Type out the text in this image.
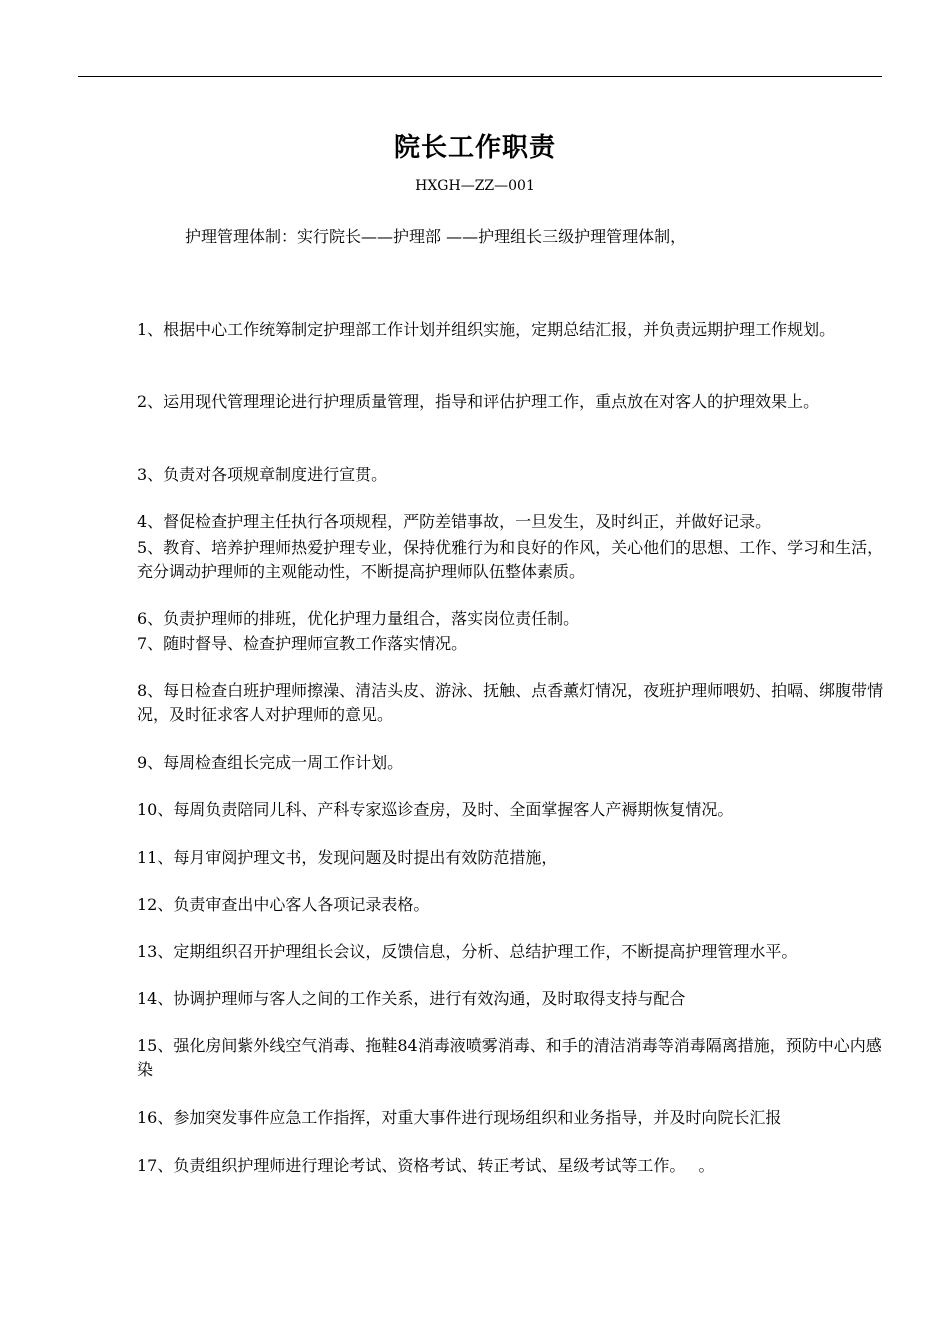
院长工作职责
HXGH—ZZ—001
护理管理体制：实行院长——护理部 ——护理组长三级护理管理体制，
1、根据中心工作统筹制定护理部工作计划并组织实施，定期总结汇报，并负责远期护理工作规划。
2、运用现代管理理论进行护理质量管理，指导和评估护理工作，重点放在对客人的护理效果上。
3、负责对各项规章制度进行宣贯。
4、督促检查护理主任执行各项规程，严防差错事故，一旦发生，及时纠正，并做好记录。
5、教育、培养护理师热爱护理专业，保持优雅行为和良好的作风，关心他们的思想、工作、学习和生活，充分调动护理师的主观能动性，不断提高护理师队伍整体素质。
6、负责护理师的排班，优化护理力量组合，落实岗位责任制。
7、随时督导、检查护理师宣教工作落实情况。
8、每日检查白班护理师擦澡、清洁头皮、游泳、抚触、点香薰灯情况，夜班护理师喂奶、拍嗝、绑腹带情况，及时征求客人对护理师的意见。
9、每周检查组长完成一周工作计划。
10、每周负责陪同儿科、产科专家巡诊查房，及时、全面掌握客人产褥期恢复情况。
11、每月审阅护理文书，发现问题及时提出有效防范措施，
12、负责审查出中心客人各项记录表格。
13、定期组织召开护理组长会议，反馈信息，分析、总结护理工作，不断提高护理管理水平。
14、协调护理师与客人之间的工作关系，进行有效沟通，及时取得支持与配合
15、强化房间紫外线空气消毒、拖鞋84消毒液喷雾消毒、和手的清洁消毒等消毒隔离措施，预防中心内感染
16、参加突发事件应急工作指挥，对重大事件进行现场组织和业务指导，并及时向院长汇报
17、负责组织护理师进行理论考试、资格考试、转正考试、星级考试等工作。　 。
